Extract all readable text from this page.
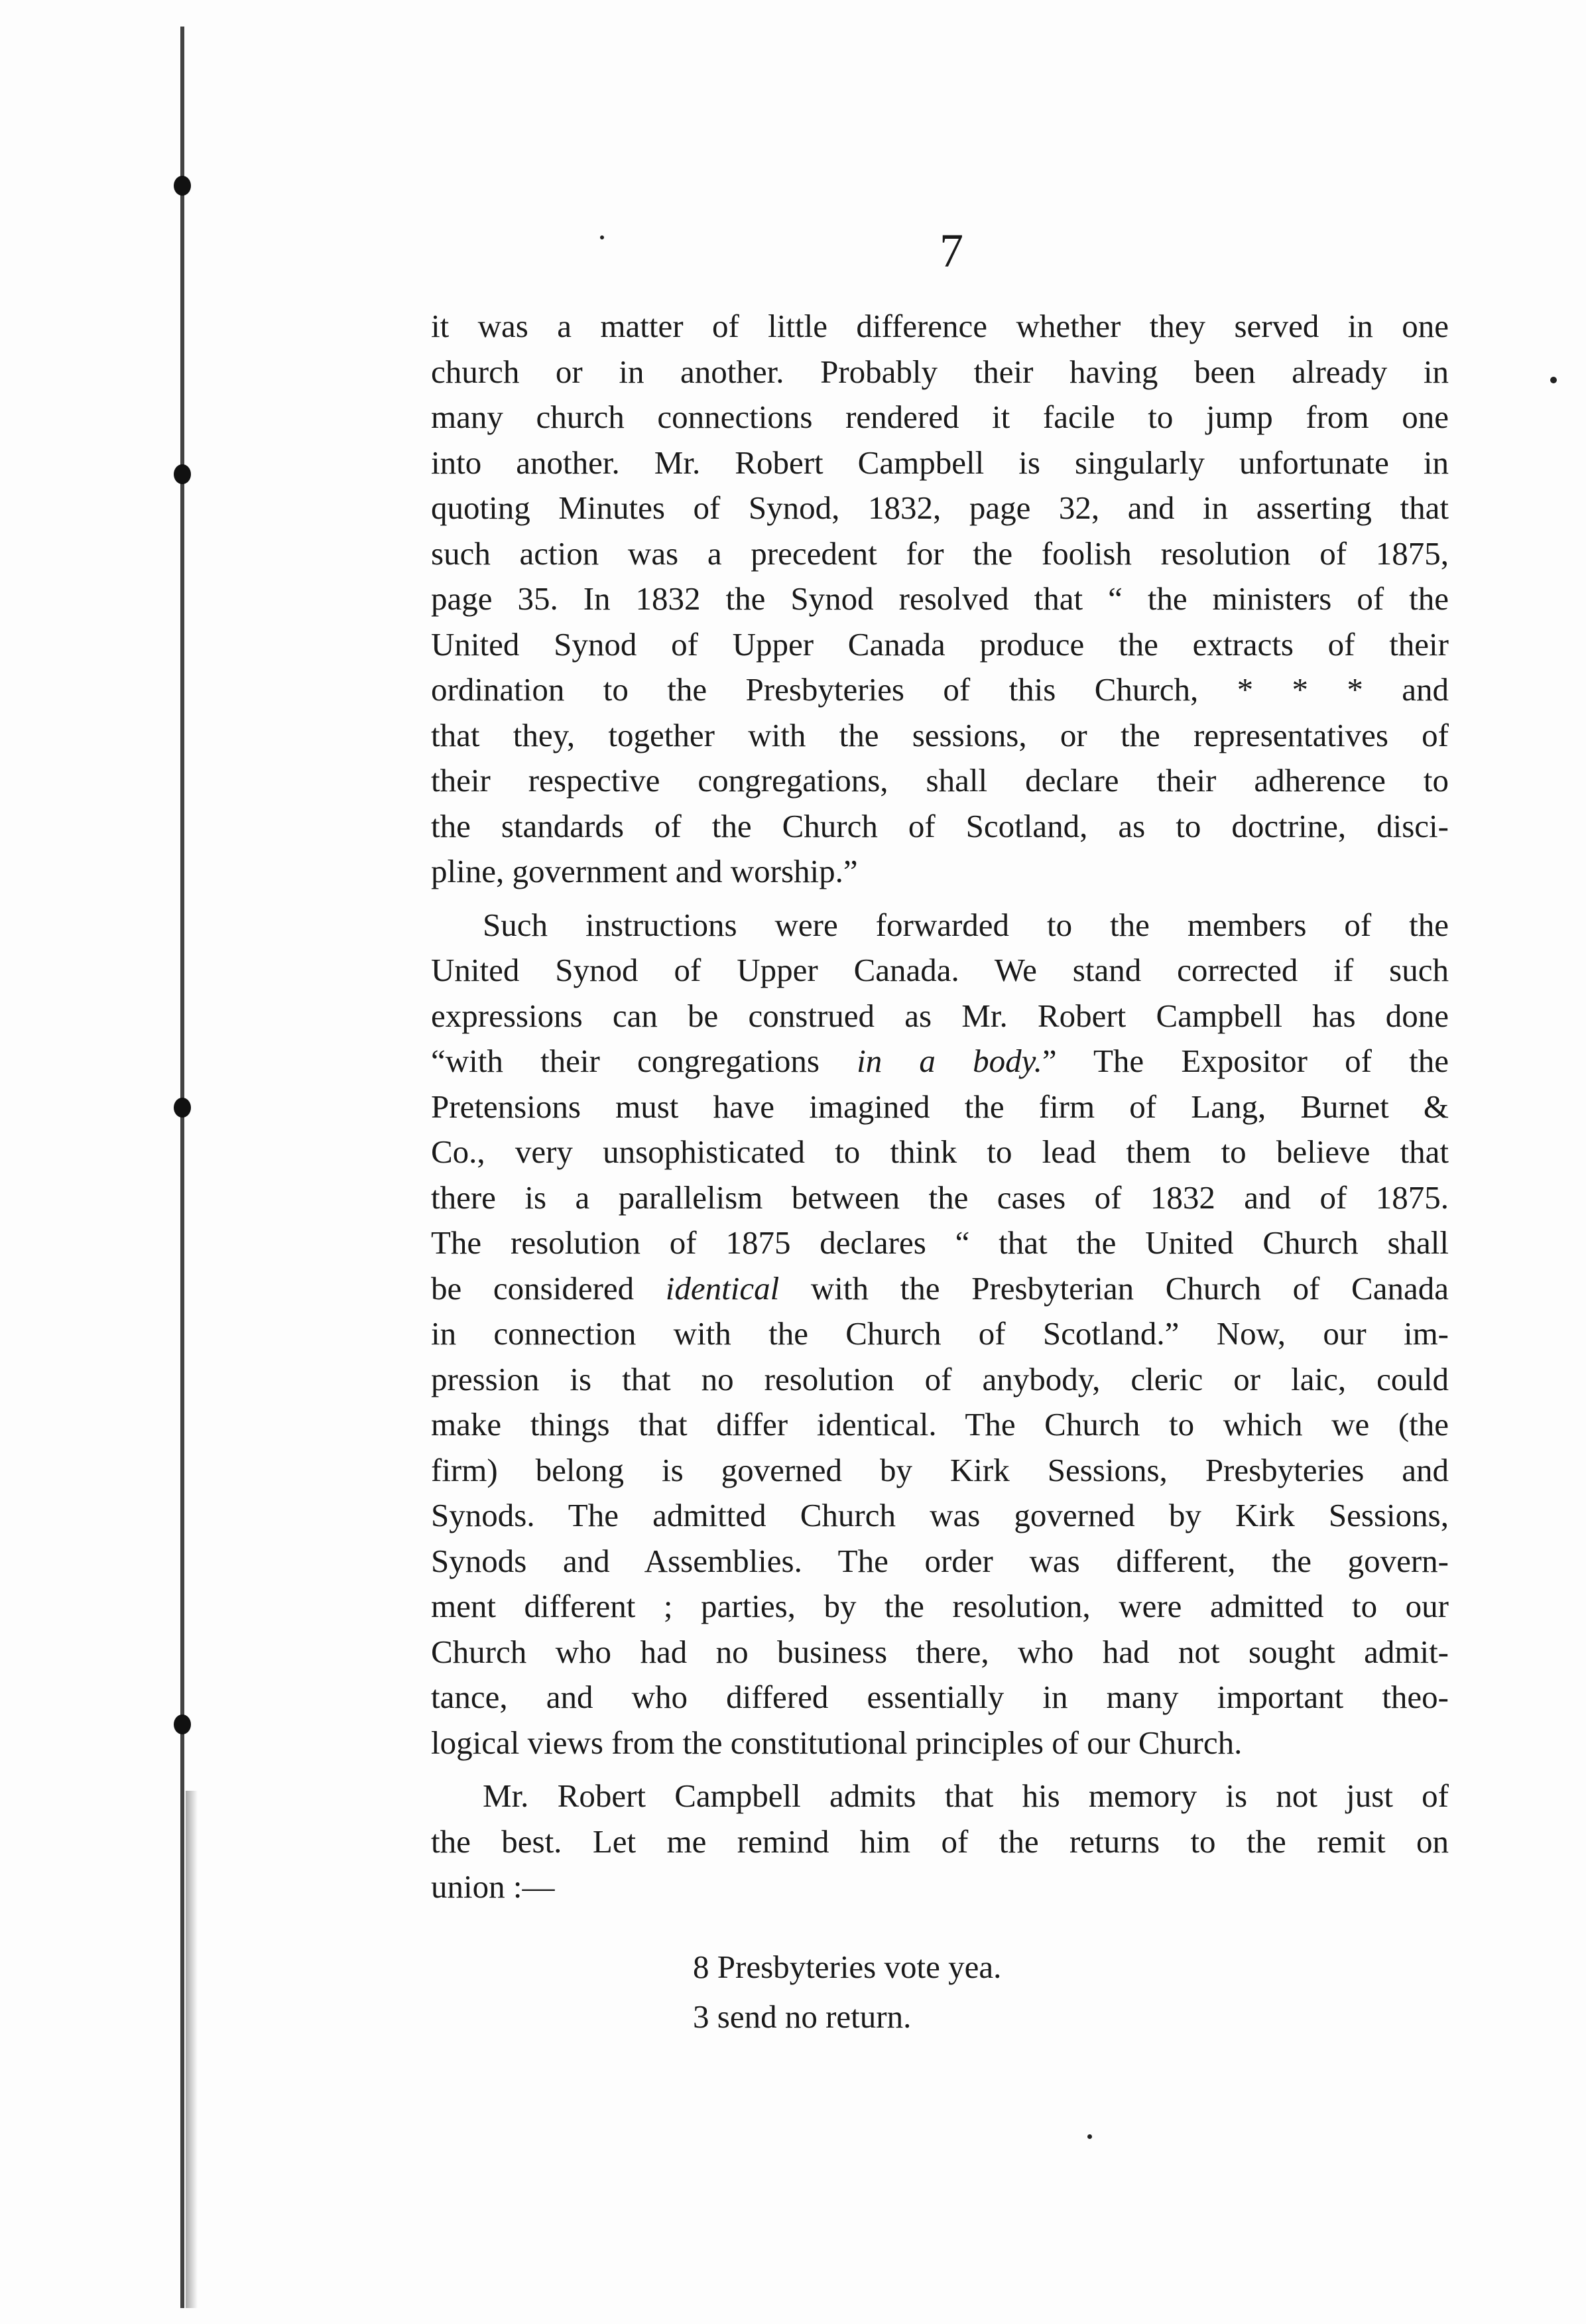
7
it was a matter of little difference whether they served in one
church or in another. Probably their having been already in
many church connections rendered it facile to jump from one
into another. Mr. Robert Campbell is singularly unfortunate in
quoting Minutes of Synod, 1832, page 32, and in asserting that
such action was a precedent for the foolish resolution of 1875,
page 35. In 1832 the Synod resolved that “ the ministers of the
United Synod of Upper Canada produce the extracts of their
ordination to the Presbyteries of this Church, * * * and
that they, together with the sessions, or the representatives of
their respective congregations, shall declare their adherence to
the standards of the Church of Scotland, as to doctrine, disci-
pline, government and worship.”
Such instructions were forwarded to the members of the
United Synod of Upper Canada. We stand corrected if such
expressions can be construed as Mr. Robert Campbell has done
“with their congregations in a body.” The Expositor of the
Pretensions must have imagined the firm of Lang, Burnet &
Co., very unsophisticated to think to lead them to believe that
there is a parallelism between the cases of 1832 and of 1875.
The resolution of 1875 declares “ that the United Church shall
be considered identical with the Presbyterian Church of Canada
in connection with the Church of Scotland.” Now, our im-
pression is that no resolution of anybody, cleric or laic, could
make things that differ identical. The Church to which we (the
firm) belong is governed by Kirk Sessions, Presbyteries and
Synods. The admitted Church was governed by Kirk Sessions,
Synods and Assemblies. The order was different, the govern-
ment different ; parties, by the resolution, were admitted to our
Church who had no business there, who had not sought admit-
tance, and who differed essentially in many important theo-
logical views from the constitutional principles of our Church.
Mr. Robert Campbell admits that his memory is not just of
the best. Let me remind him of the returns to the remit on
union :—
8 Presbyteries vote yea.
3 send no return.
